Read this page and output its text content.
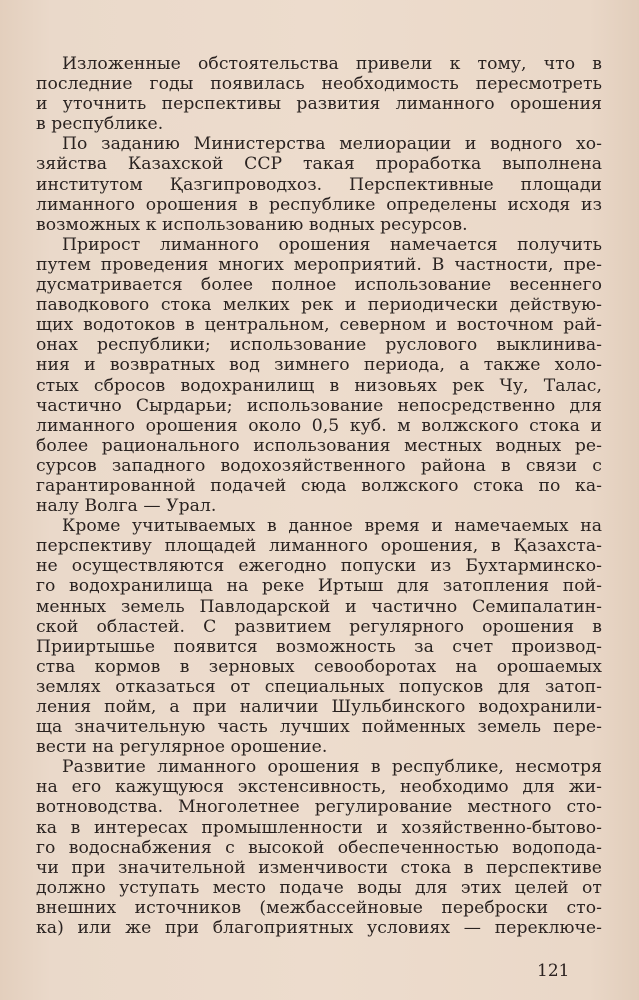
Изложенные обстоятельства привели к тому, что в
последние годы появилась необходимость пересмотреть
и уточнить перспективы развития лиманного орошения
в республике.
По заданию Министерства мелиорации и водного хо-
зяйства Казахской ССР такая проработка выполнена
институтом Қазгипроводхоз. Перспективные площади
лиманного орошения в республике определены исходя из
возможных к использованию водных ресурсов.
Прирост лиманного орошения намечается получить
путем проведения многих мероприятий. В частности, пре-
дусматривается более полное использование весеннего
паводкового стока мелких рек и периодически действую-
щих водотоков в центральном, северном и восточном рай-
онах республики; использование руслового выклинива-
ния и возвратных вод зимнего периода, а также холо-
стых сбросов водохранилищ в низовьях рек Чу, Талас,
частично Сырдарьи; использование непосредственно для
лиманного орошения около 0,5 куб. м волжского стока и
более рационального использования местных водных ре-
сурсов западного водохозяйственного района в связи с
гарантированной подачей сюда волжского стока по ка-
налу Волга — Урал.
Кроме учитываемых в данное время и намечаемых на
перспективу площадей лиманного орошения, в Қазахста-
не осуществляются ежегодно попуски из Бухтарминско-
го водохранилища на реке Иртыш для затопления пой-
менных земель Павлодарской и частично Семипалатин-
ской областей. С развитием регулярного орошения в
Прииртышье появится возможность за счет производ-
ства кормов в зерновых севооборотах на орошаемых
землях отказаться от специальных попусков для затоп-
ления пойм, а при наличии Шульбинского водохранили-
ща значительную часть лучших пойменных земель пере-
вести на регулярное орошение.
Развитие лиманного орошения в республике, несмотря
на его кажущуюся экстенсивность, необходимо для жи-
вотноводства. Многолетнее регулирование местного сто-
ка в интересах промышленности и хозяйственно-бытово-
го водоснабжения с высокой обеспеченностью водопода-
чи при значительной изменчивости стока в перспективе
должно уступать место подаче воды для этих целей от
внешних источников (межбассейновые переброски сто-
ка) или же при благоприятных условиях — переключе-
121
